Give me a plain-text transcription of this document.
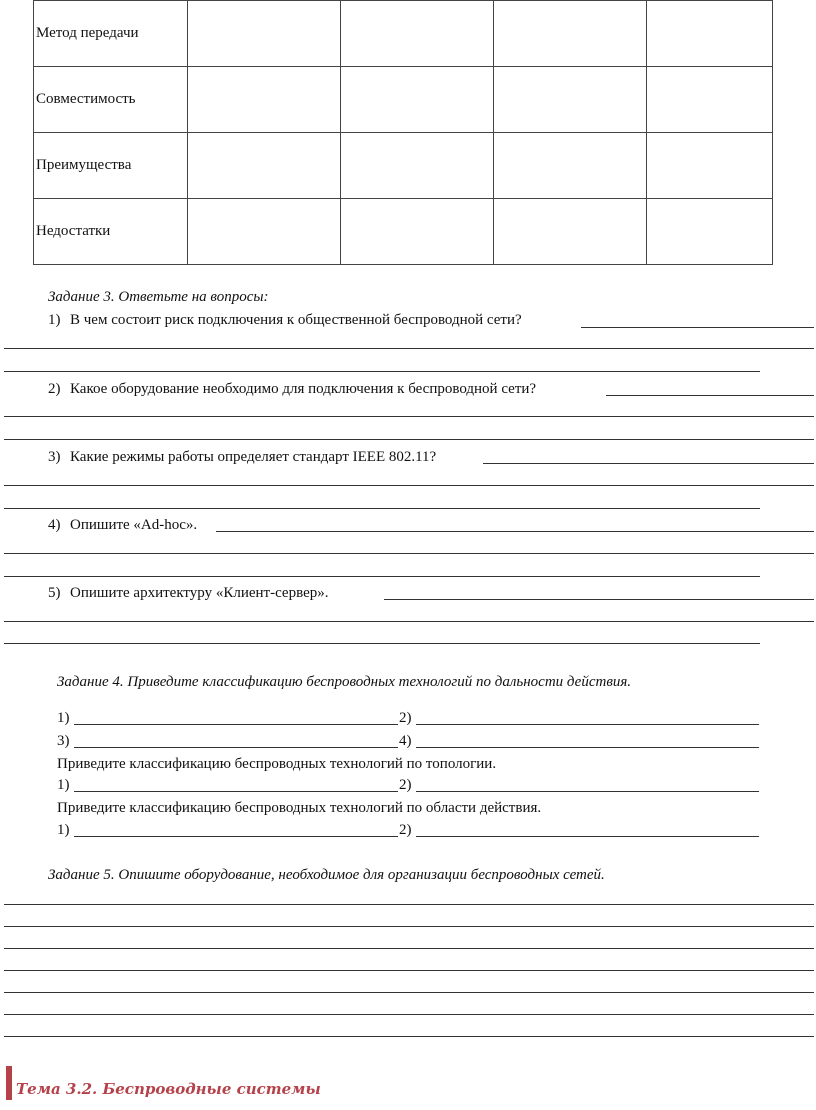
Метод передачи				
Совместимость				
Преимущества				
Недостатки				
Задание 3. Ответьте на вопросы:
1) В чем состоит риск подключения к общественной беспроводной сети?
2) Какое оборудование необходимо для подключения к беспроводной сети?
3) Какие режимы работы определяет стандарт IEEE 802.11?
4) Опишите «Ad-hoc».
5) Опишите архитектуру «Клиент-сервер».
Задание 4. Приведите классификацию беспроводных технологий по дальности действия.
1)	2)
3)	4)
Приведите классификацию беспроводных технологий по топологии.
1)	2)
Приведите классификацию беспроводных технологий по области действия.
1)	2)
Задание 5. Опишите оборудование, необходимое для организации беспроводных сетей.
Тема 3.2. Беспроводные системы
